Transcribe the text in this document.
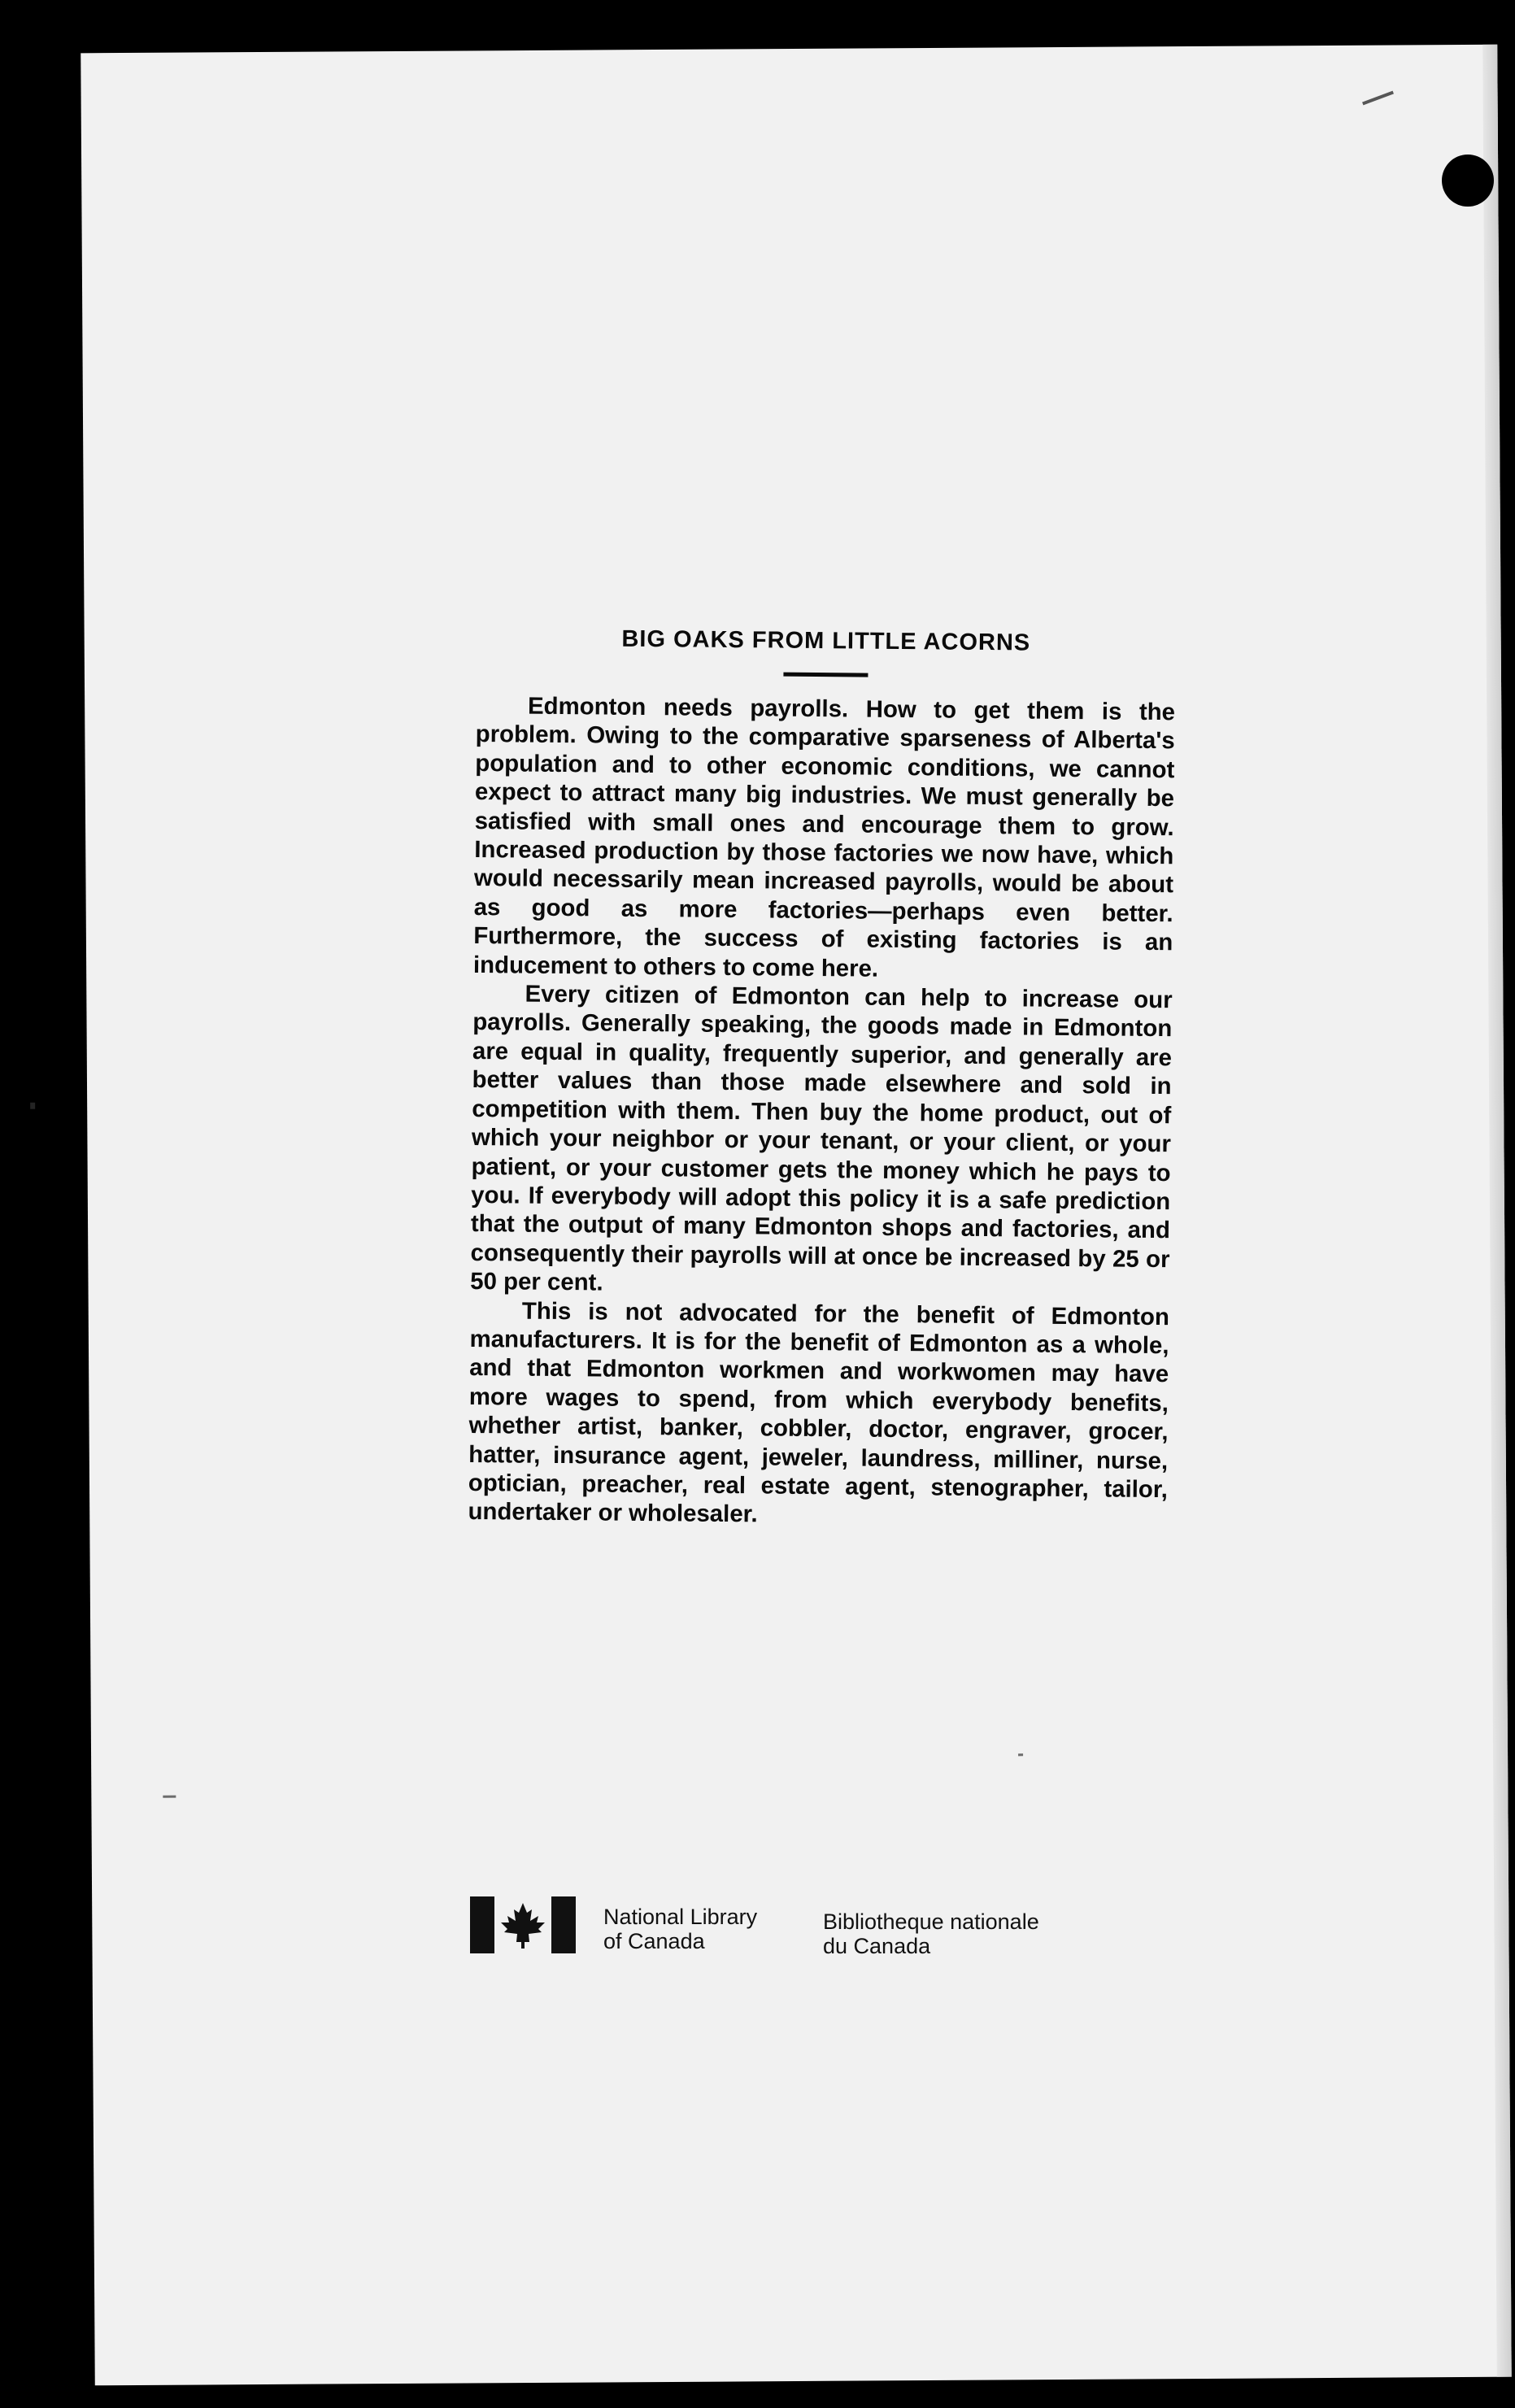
BIG OAKS FROM LITTLE ACORNS

Edmonton needs payrolls. How to get them is the problem. Owing to the comparative sparseness of Alberta's population and to other economic conditions, we cannot expect to attract many big industries. We must generally be satisfied with small ones and encourage them to grow. Increased production by those factories we now have, which would necessarily mean increased payrolls, would be about as good as more factories—perhaps even better. Furthermore, the success of existing factories is an inducement to others to come here.

Every citizen of Edmonton can help to increase our payrolls. Generally speaking, the goods made in Edmonton are equal in quality, frequently superior, and generally are better values than those made elsewhere and sold in competition with them. Then buy the home product, out of which your neighbor or your tenant, or your client, or your patient, or your customer gets the money which he pays to you. If everybody will adopt this policy it is a safe prediction that the output of many Edmonton shops and factories, and consequently their payrolls will at once be increased by 25 or 50 per cent.

This is not advocated for the benefit of Edmonton manufacturers. It is for the benefit of Edmonton as a whole, and that Edmonton workmen and workwomen may have more wages to spend, from which everybody benefits, whether artist, banker, cobbler, doctor, engraver, grocer, hatter, insurance agent, jeweler, laundress, milliner, nurse, optician, preacher, real estate agent, stenographer, tailor, undertaker or wholesaler.

National Library
of Canada
Bibliotheque nationale
du Canada
